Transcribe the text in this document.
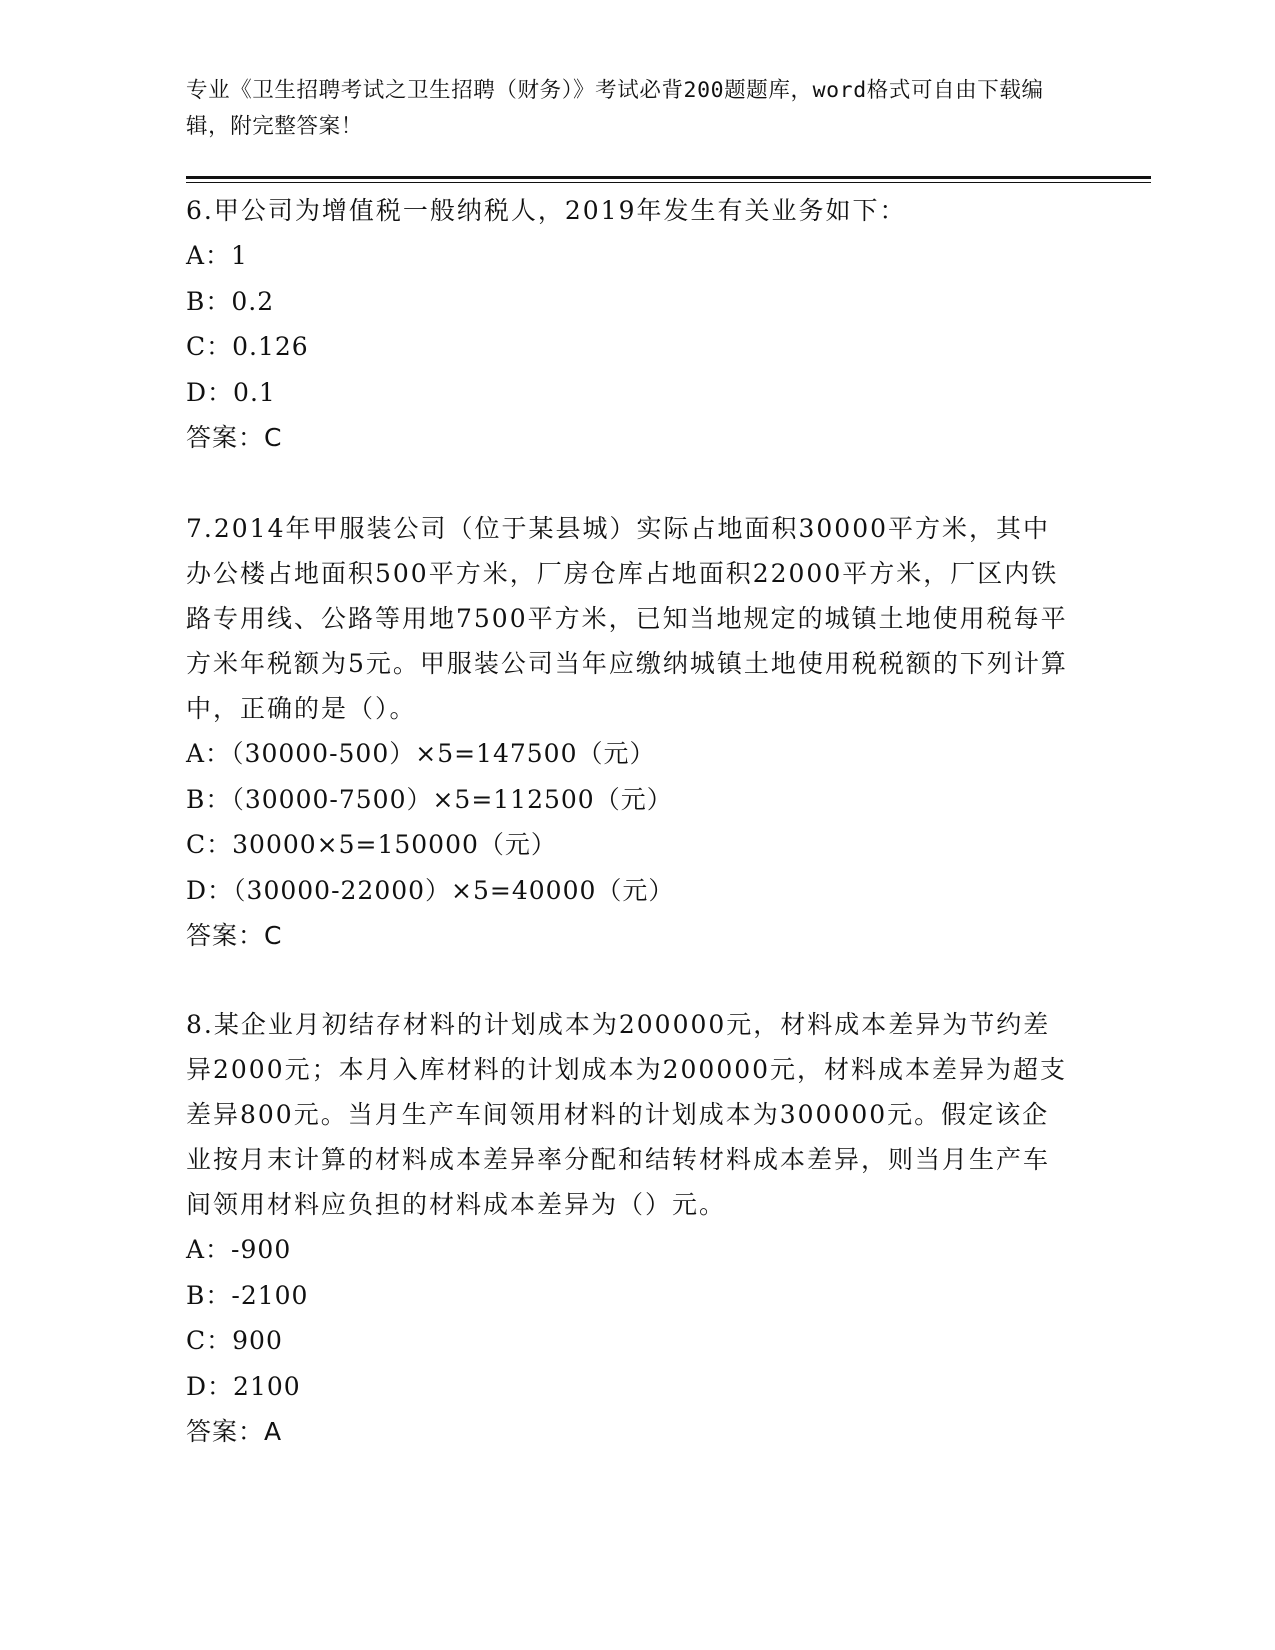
专业《卫生招聘考试之卫生招聘（财务）》考试必背200题题库，word格式可自由下载编辑，附完整答案！

6.甲公司为增值税一般纳税人，2019年发生有关业务如下：

A：1

B：0.2

C：0.126

D：0.1

答案：C

7.2014年甲服装公司（位于某县城）实际占地面积30000平方米，其中办公楼占地面积500平方米，厂房仓库占地面积22000平方米，厂区内铁路专用线、公路等用地7500平方米，已知当地规定的城镇土地使用税每平方米年税额为5元。甲服装公司当年应缴纳城镇土地使用税税额的下列计算中，正确的是（）。

A：（30000-500）×5=147500（元）

B：（30000-7500）×5=112500（元）

C：30000×5=150000（元）

D：（30000-22000）×5=40000（元）

答案：C

8.某企业月初结存材料的计划成本为200000元，材料成本差异为节约差异2000元；本月入库材料的计划成本为200000元，材料成本差异为超支差异800元。当月生产车间领用材料的计划成本为300000元。假定该企业按月末计算的材料成本差异率分配和结转材料成本差异，则当月生产车间领用材料应负担的材料成本差异为（）元。

A：-900

B：-2100

C：900

D：2100

答案：A
